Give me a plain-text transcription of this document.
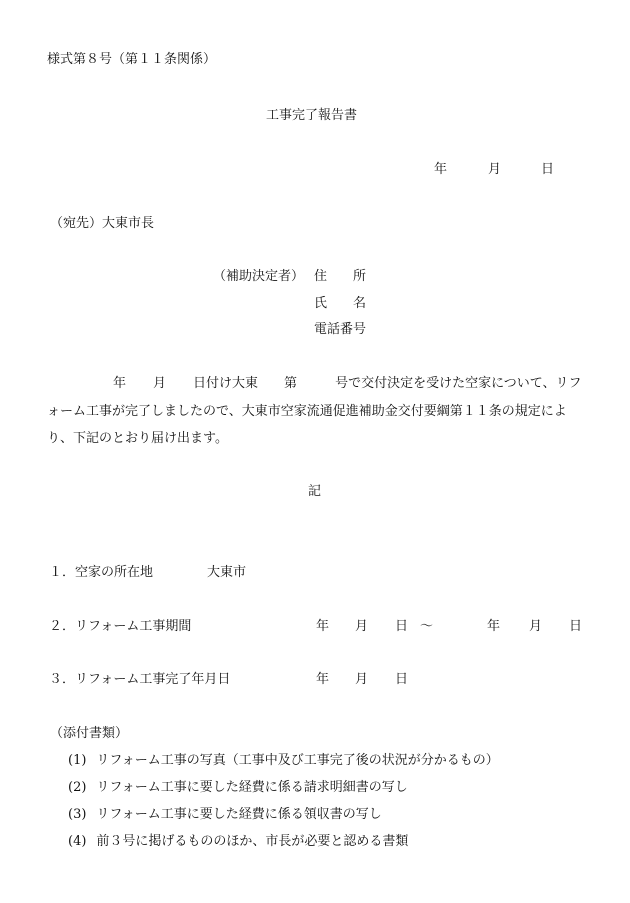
様式第８号（第１１条関係）
工事完了報告書
年	月	日
（宛先）大東市長
（補助決定者） 住　　所
氏　　名
電話番号
年 月 日付け大東 第	号で交付決定を受けた空家について、リフォーム工事が完了しましたので、大東市空家流通促進補助金交付要綱第１１条の規定により、下記のとおり届け出ます。
記
１．空家の所在地	大東市
２．リフォーム工事期間	年 月 日 ～	年 月 日
３．リフォーム工事完了年月日	年 月 日
（添付書類）
(1) リフォーム工事の写真（工事中及び工事完了後の状況が分かるもの）
(2) リフォーム工事に要した経費に係る請求明細書の写し
(3) リフォーム工事に要した経費に係る領収書の写し
(4) 前３号に掲げるもののほか、市長が必要と認める書類
